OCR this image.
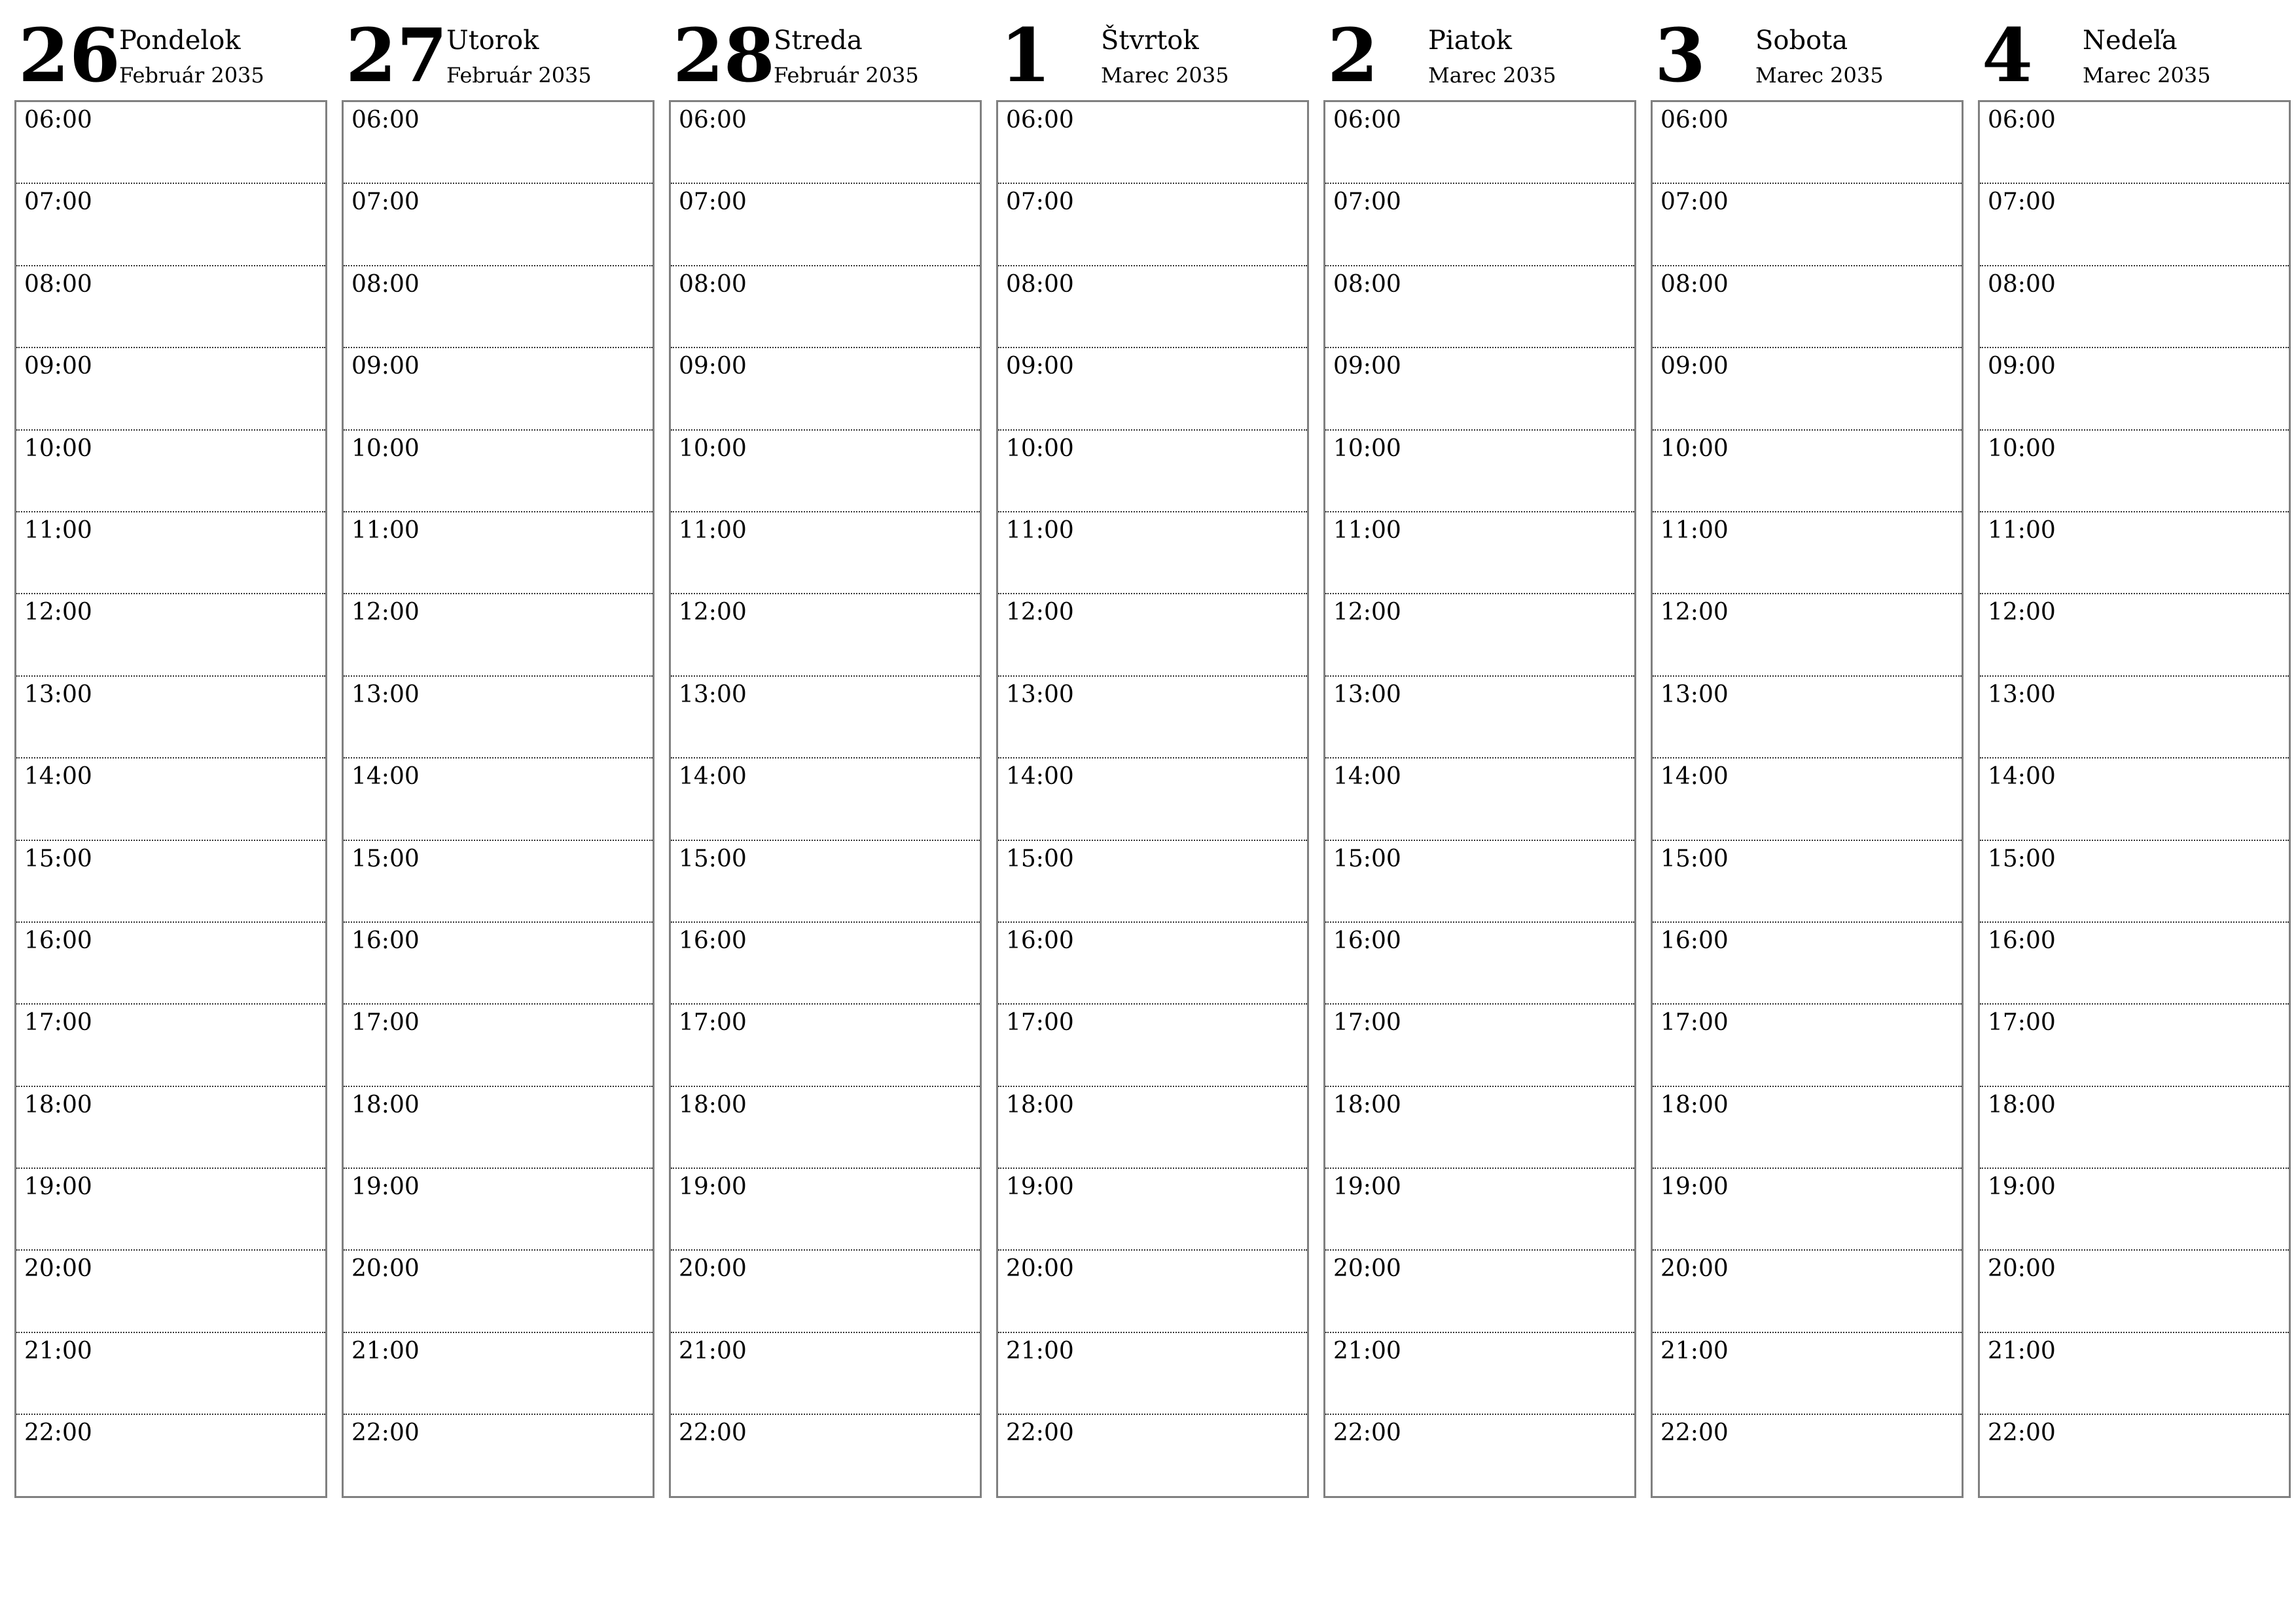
26
Pondelok
Február 2035
06:00
07:00
08:00
09:00
10:00
11:00
12:00
13:00
14:00
15:00
16:00
17:00
18:00
19:00
20:00
21:00
22:00
27
Utorok
Február 2035
06:00
07:00
08:00
09:00
10:00
11:00
12:00
13:00
14:00
15:00
16:00
17:00
18:00
19:00
20:00
21:00
22:00
28
Streda
Február 2035
06:00
07:00
08:00
09:00
10:00
11:00
12:00
13:00
14:00
15:00
16:00
17:00
18:00
19:00
20:00
21:00
22:00
1 Štvrtok
Marec 2035
06:00
07:00
08:00
09:00
10:00
11:00
12:00
13:00
14:00
15:00
16:00
17:00
18:00
19:00
20:00
21:00
22:00
2 Piatok
Marec 2035
06:00
07:00
08:00
09:00
10:00
11:00
12:00
13:00
14:00
15:00
16:00
17:00
18:00
19:00
20:00
21:00
22:00
3 Sobota
Marec 2035
06:00
07:00
08:00
09:00
10:00
11:00
12:00
13:00
14:00
15:00
16:00
17:00
18:00
19:00
20:00
21:00
22:00
4 Nedeľa
Marec 2035
06:00
07:00
08:00
09:00
10:00
11:00
12:00
13:00
14:00
15:00
16:00
17:00
18:00
19:00
20:00
21:00
22:00
